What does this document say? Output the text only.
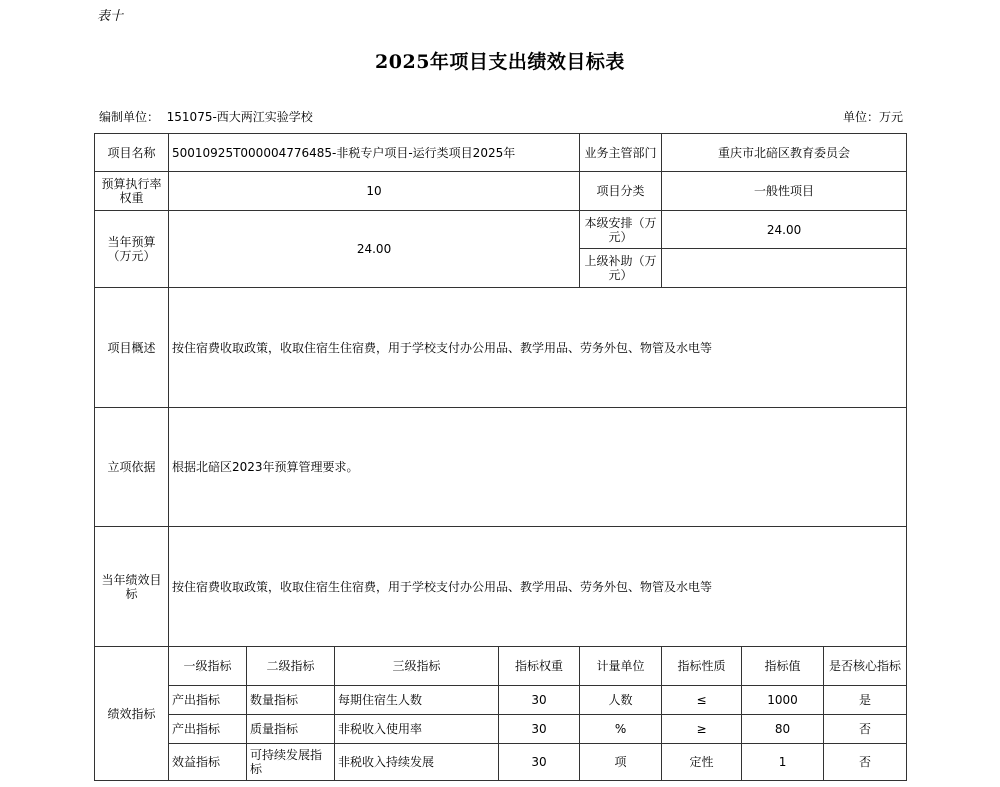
表十
2025年项目支出绩效目标表
编制单位： 151075-西大两江实验学校	单位：万元
项目名称	50010925T000004776485-非税专户项目-运行类项目2025年				业务主管部门	重庆市北碚区教育委员会		
预算执行率权重	10				项目分类	一般性项目		
当年预算（万元）	24.00				本级安排（万元）	24.00		
					上级补助（万元）			
项目概述	按住宿费收取政策，收取住宿生住宿费，用于学校支付办公用品、教学用品、劳务外包、物管及水电等							
立项依据	根据北碚区2023年预算管理要求。							
当年绩效目标	按住宿费收取政策，收取住宿生住宿费，用于学校支付办公用品、教学用品、劳务外包、物管及水电等							
绩效指标	一级指标	二级指标	三级指标	指标权重	计量单位	指标性质	指标值	是否核心指标
	产出指标	数量指标	每期住宿生人数	30	人数	≤	1000	是
	产出指标	质量指标	非税收入使用率	30	%	≥	80	否
	效益指标	可持续发展指标	非税收入持续发展	30	项	定性	1	否
